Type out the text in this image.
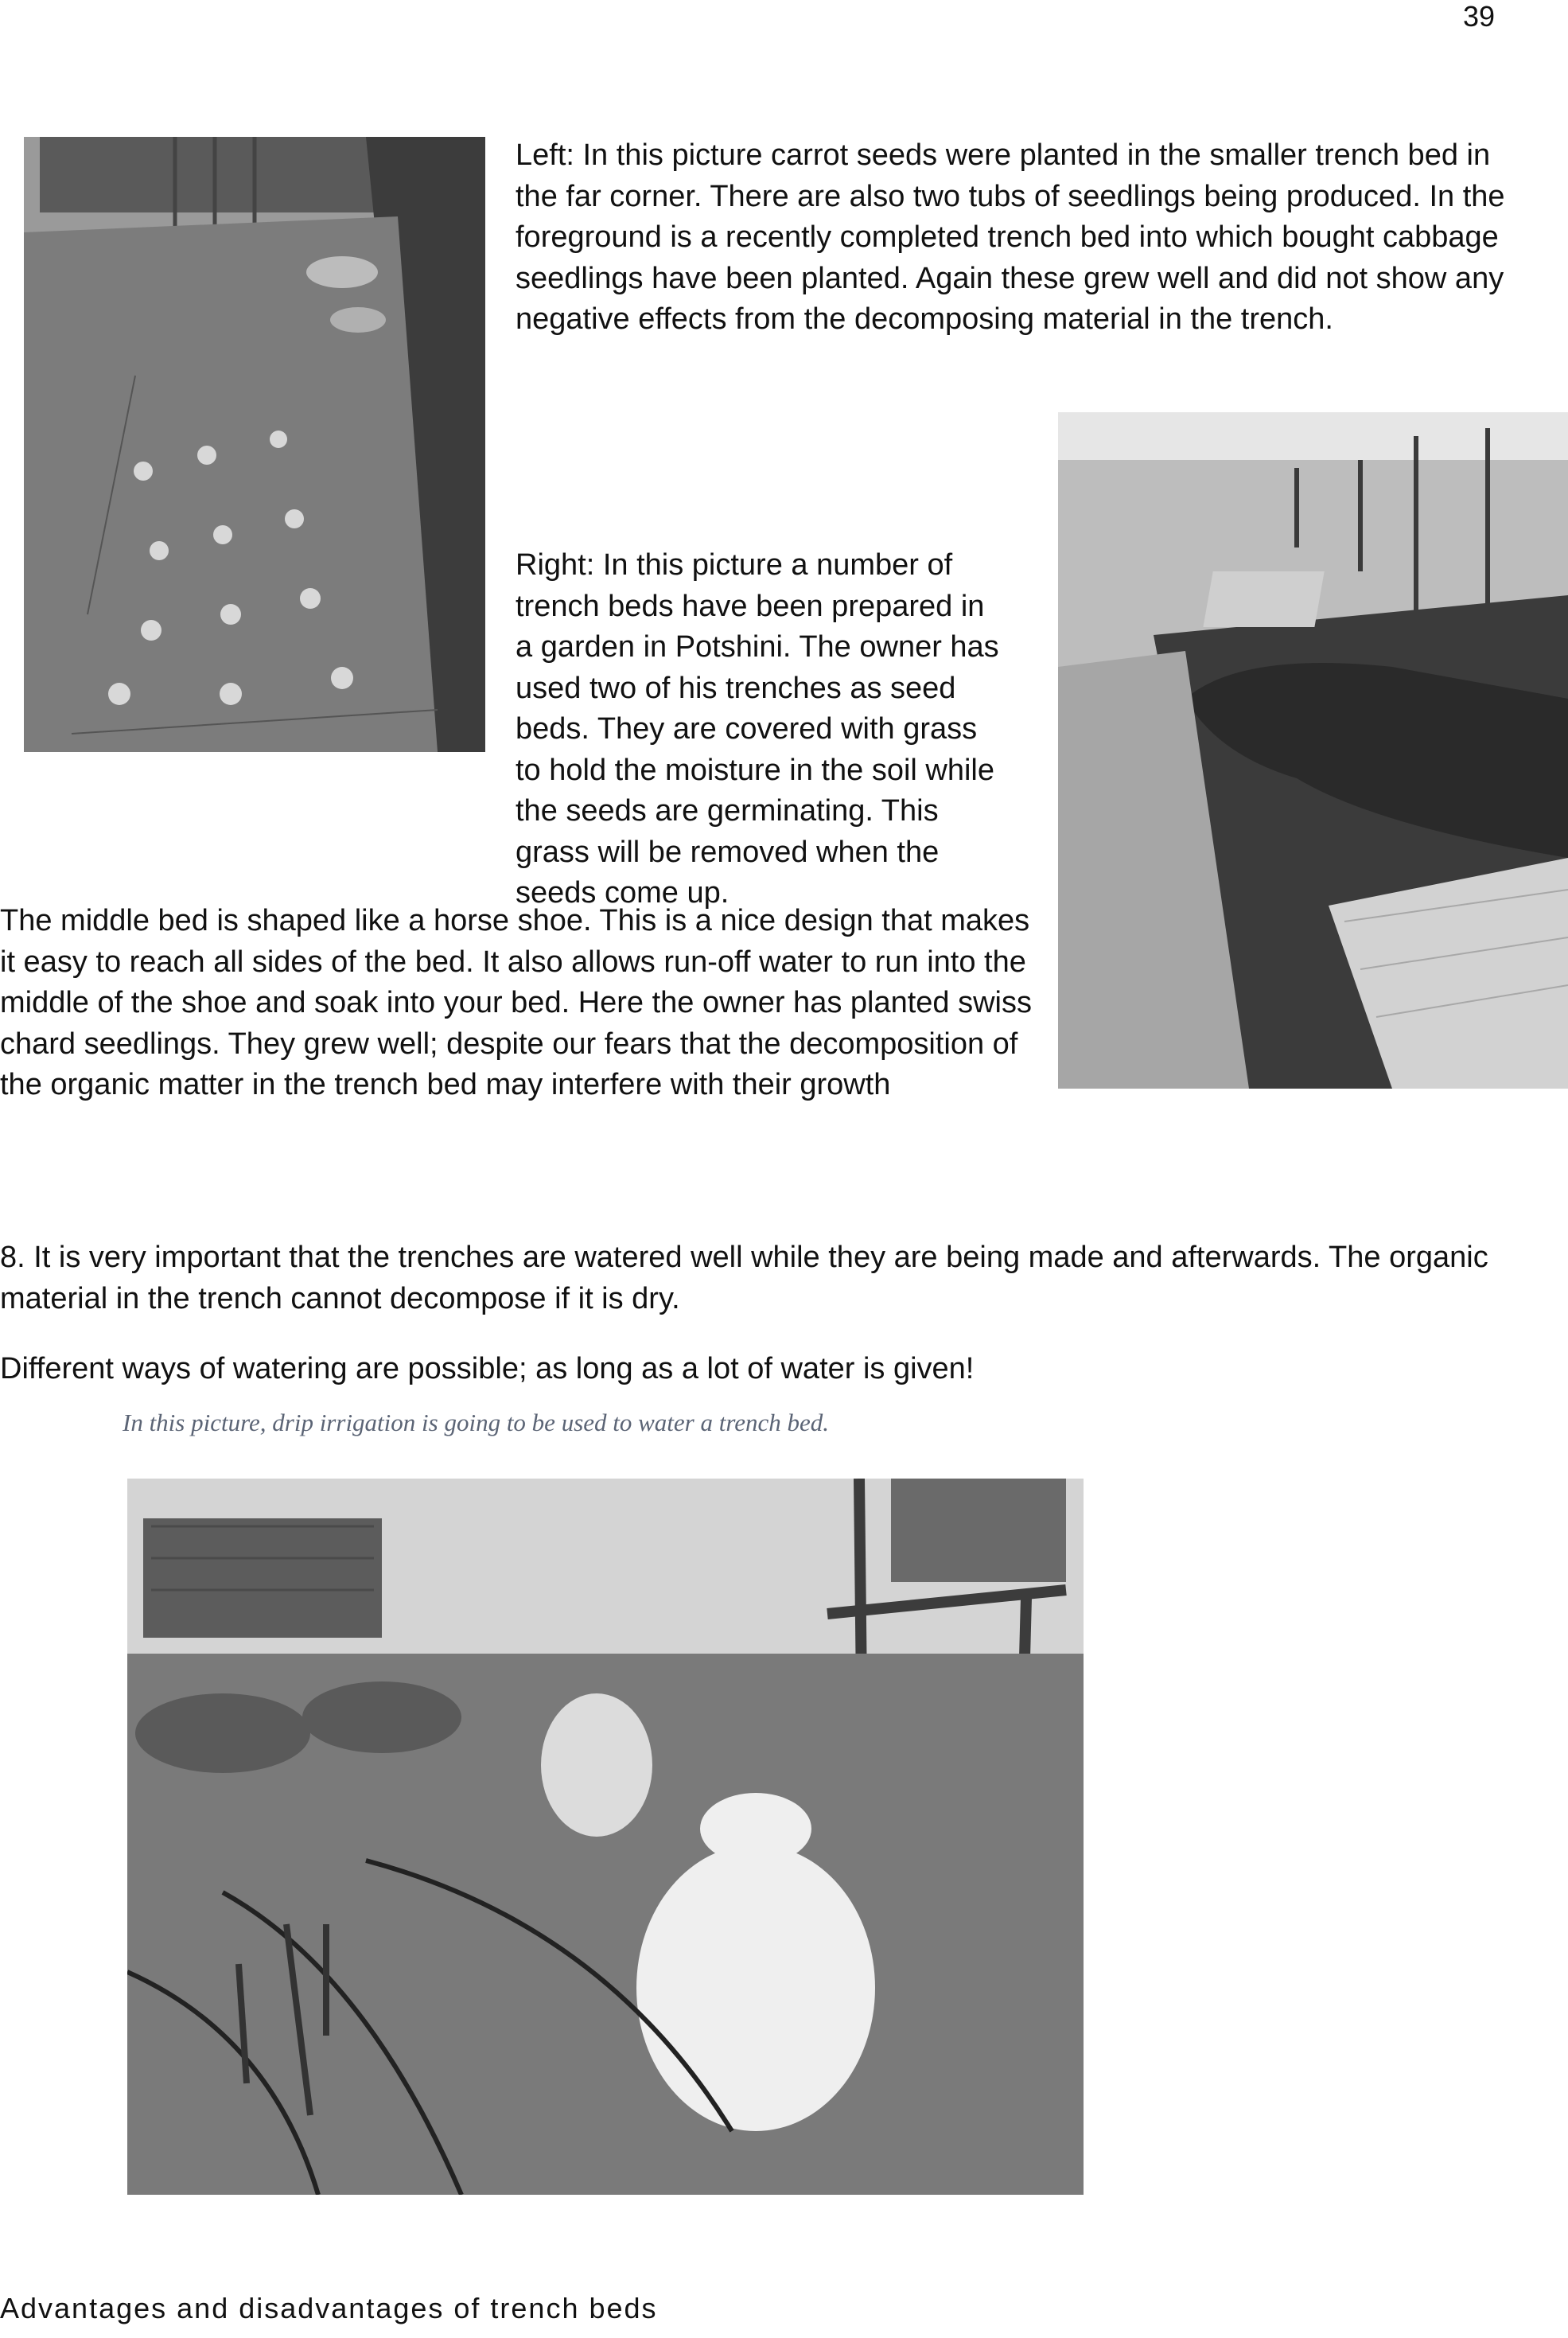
39
Left: In this picture carrot seeds were planted in the smaller trench bed in the far corner. There are also two tubs of seedlings being produced. In the foreground is a recently completed trench bed into which bought cabbage seedlings have been planted. Again these grew well and did not show any negative effects from the decomposing material in the trench.
Right: In this picture a number of trench beds have been prepared in a garden in Potshini. The owner has used two of his trenches as seed beds. They are covered with grass to hold the moisture in the soil while the seeds are germinating. This grass will be removed when the seeds come up.
The middle bed is shaped like a horse shoe. This is a nice design that makes it easy to reach all sides of the bed. It also allows run-off water to run into the middle of the shoe and soak into your bed. Here the owner has planted swiss chard seedlings. They grew well; despite our fears that the decomposition of the organic matter in the trench bed may interfere with their growth
8. It is very important that the trenches are watered well while they are being made and afterwards. The organic material in the trench cannot decompose if it is dry.
Different ways of watering are possible; as long as a lot of water is given!
In this picture, drip irrigation is going to be used to water a trench bed.
Advantages and disadvantages of trench beds
